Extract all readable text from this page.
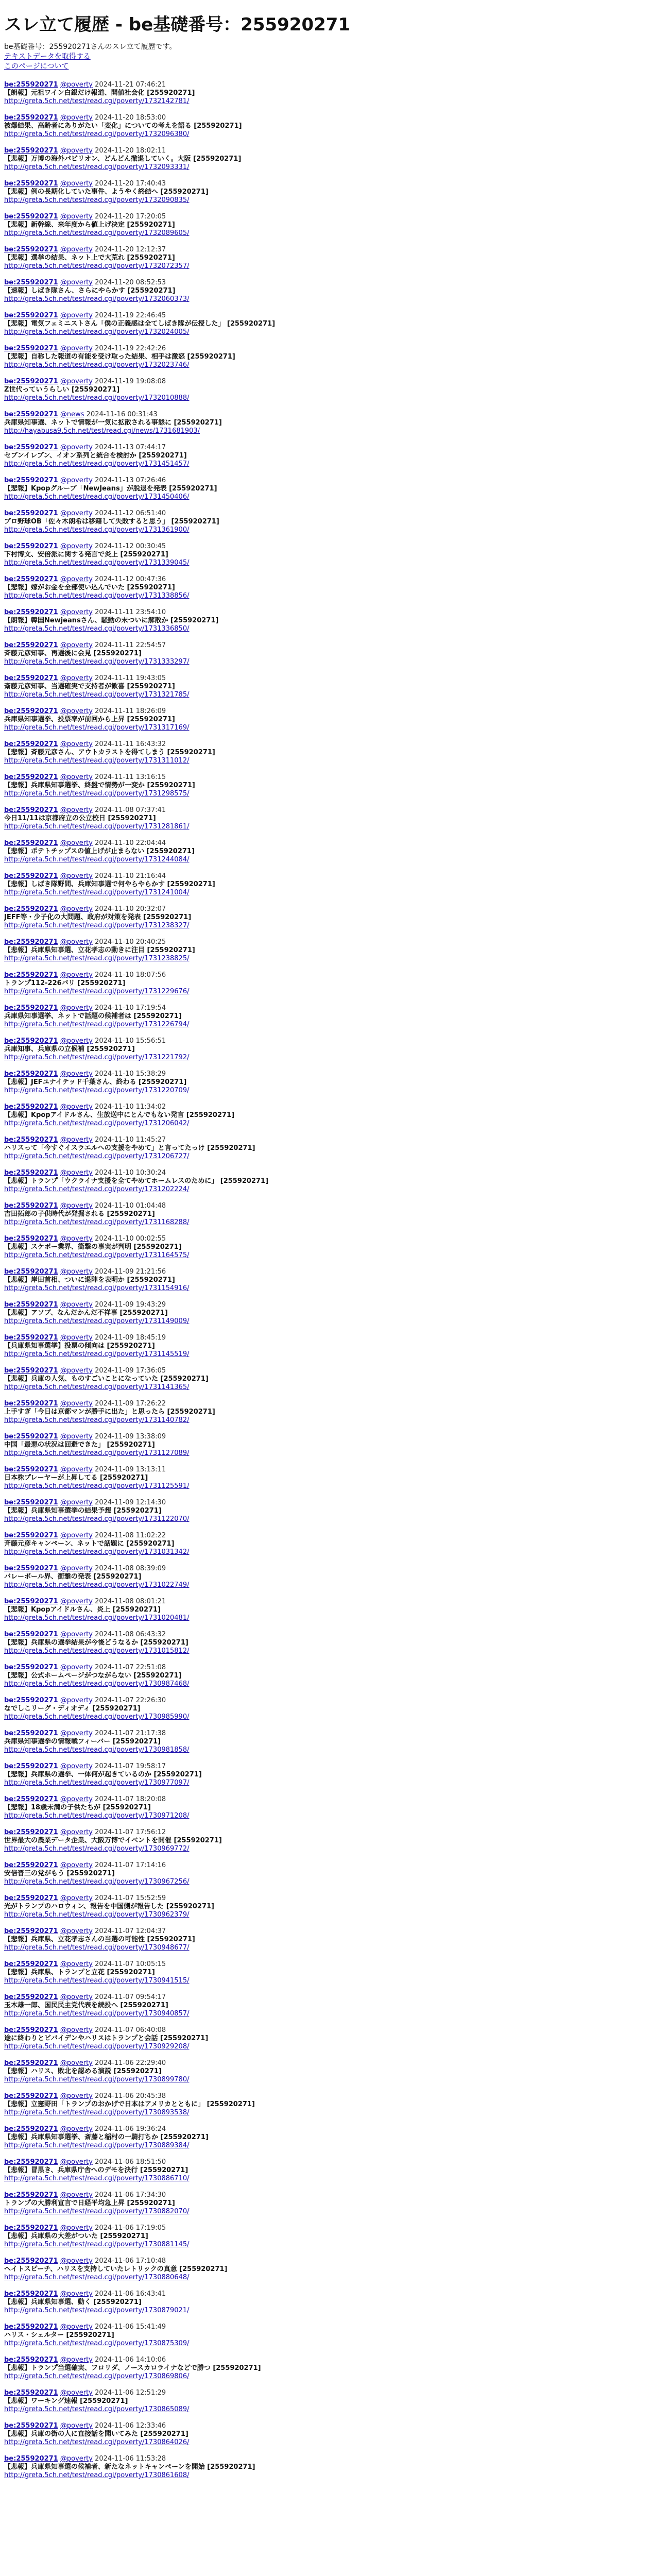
スレ立て履歴 - be基礎番号：255920271
be基礎番号：255920271さんのスレ立て履歴です。
テキストデータを取得する
このページについて
be:255920271 @poverty 2024-11-21 07:46:21
【朗報】元祖ワイン白銀だけ報道、開値社会化 [255920271]
http://greta.5ch.net/test/read.cgi/poverty/1732142781/
be:255920271 @poverty 2024-11-20 18:53:00
被爆結果、高齢者にありがたい「変化」についての考えを語る [255920271]
http://greta.5ch.net/test/read.cgi/poverty/1732096380/
be:255920271 @poverty 2024-11-20 18:02:11
【悲報】万博の海外パビリオン、どんどん撤退していく。大阪 [255920271]
http://greta.5ch.net/test/read.cgi/poverty/1732093331/
be:255920271 @poverty 2024-11-20 17:40:43
【悲報】例の長期化していた事件、ようやく終結へ [255920271]
http://greta.5ch.net/test/read.cgi/poverty/1732090835/
be:255920271 @poverty 2024-11-20 17:20:05
【悲報】新幹線、来年度から値上げ決定 [255920271]
http://greta.5ch.net/test/read.cgi/poverty/1732089605/
be:255920271 @poverty 2024-11-20 12:12:37
【悲報】選挙の結果、ネット上で大荒れ [255920271]
http://greta.5ch.net/test/read.cgi/poverty/1732072357/
be:255920271 @poverty 2024-11-20 08:52:53
【速報】しばき隊さん、さらにやらかす [255920271]
http://greta.5ch.net/test/read.cgi/poverty/1732060373/
be:255920271 @poverty 2024-11-19 22:46:45
【悲報】電気フェミニストさん「僕の正義感は全てしばき隊が伝授した」 [255920271]
http://greta.5ch.net/test/read.cgi/poverty/1732024005/
be:255920271 @poverty 2024-11-19 22:42:26
【悲報】自称した報道の有能を受け取った結果、相手は激怒 [255920271]
http://greta.5ch.net/test/read.cgi/poverty/1732023746/
be:255920271 @poverty 2024-11-19 19:08:08
Z世代っていうらしい [255920271]
http://greta.5ch.net/test/read.cgi/poverty/1732010888/
be:255920271 @news 2024-11-16 00:31:43
兵庫県知事選、ネットで情報が一気に拡散される事態に [255920271]
http://hayabusa9.5ch.net/test/read.cgi/news/1731681903/
be:255920271 @poverty 2024-11-13 07:44:17
セブンイレブン、イオン系列と統合を検討か [255920271]
http://greta.5ch.net/test/read.cgi/poverty/1731451457/
be:255920271 @poverty 2024-11-13 07:26:46
【悲報】Kpopグループ「NewJeans」が脱退を発表 [255920271]
http://greta.5ch.net/test/read.cgi/poverty/1731450406/
be:255920271 @poverty 2024-11-12 06:51:40
プロ野球OB「佐々木朗希は移籍して失敗すると思う」 [255920271]
http://greta.5ch.net/test/read.cgi/poverty/1731361900/
be:255920271 @poverty 2024-11-12 00:30:45
下村博文、安倍派に関する発言で炎上 [255920271]
http://greta.5ch.net/test/read.cgi/poverty/1731339045/
be:255920271 @poverty 2024-11-12 00:47:36
【悲報】嫁がお金を全部使い込んでいた [255920271]
http://greta.5ch.net/test/read.cgi/poverty/1731338856/
be:255920271 @poverty 2024-11-11 23:54:10
【朗報】韓国Newjeansさん、騒動の末ついに解散か [255920271]
http://greta.5ch.net/test/read.cgi/poverty/1731336850/
be:255920271 @poverty 2024-11-11 22:54:57
斉藤元彦知事、再選後に会見 [255920271]
http://greta.5ch.net/test/read.cgi/poverty/1731333297/
be:255920271 @poverty 2024-11-11 19:43:05
斎藤元彦知事、当選確実で支持者が歓喜 [255920271]
http://greta.5ch.net/test/read.cgi/poverty/1731321785/
be:255920271 @poverty 2024-11-11 18:26:09
兵庫県知事選挙、投票率が前回から上昇 [255920271]
http://greta.5ch.net/test/read.cgi/poverty/1731317169/
be:255920271 @poverty 2024-11-11 16:43:32
【悲報】斉藤元彦さん、アウトカラストを得てしまう [255920271]
http://greta.5ch.net/test/read.cgi/poverty/1731311012/
be:255920271 @poverty 2024-11-11 13:16:15
【悲報】兵庫県知事選挙、終盤で情勢が一変か [255920271]
http://greta.5ch.net/test/read.cgi/poverty/1731298575/
be:255920271 @poverty 2024-11-08 07:37:41
今日11/11は京都府立の公立校日 [255920271]
http://greta.5ch.net/test/read.cgi/poverty/1731281861/
be:255920271 @poverty 2024-11-10 22:04:44
【悲報】ポテトチップスの値上げが止まらない [255920271]
http://greta.5ch.net/test/read.cgi/poverty/1731244084/
be:255920271 @poverty 2024-11-10 21:16:44
【悲報】しばき隊野間、兵庫知事選で何やらやらかす [255920271]
http://greta.5ch.net/test/read.cgi/poverty/1731241004/
be:255920271 @poverty 2024-11-10 20:32:07
JEFF等・少子化の大問題、政府が対策を発表 [255920271]
http://greta.5ch.net/test/read.cgi/poverty/1731238327/
be:255920271 @poverty 2024-11-10 20:40:25
【悲報】兵庫県知事選、立花孝志の動きに注目 [255920271]
http://greta.5ch.net/test/read.cgi/poverty/1731238825/
be:255920271 @poverty 2024-11-10 18:07:56
トランプ112-226バリ [255920271]
http://greta.5ch.net/test/read.cgi/poverty/1731229676/
be:255920271 @poverty 2024-11-10 17:19:54
兵庫県知事選挙、ネットで話題の候補者は [255920271]
http://greta.5ch.net/test/read.cgi/poverty/1731226794/
be:255920271 @poverty 2024-11-10 15:56:51
兵庫知事、兵庫県の立候補 [255920271]
http://greta.5ch.net/test/read.cgi/poverty/1731221792/
be:255920271 @poverty 2024-11-10 15:38:29
【悲報】JEFユナイテッド千葉さん、終わる [255920271]
http://greta.5ch.net/test/read.cgi/poverty/1731220709/
be:255920271 @poverty 2024-11-10 11:34:02
【悲報】Kpopアイドルさん、生放送中にとんでもない発言 [255920271]
http://greta.5ch.net/test/read.cgi/poverty/1731206042/
be:255920271 @poverty 2024-11-10 11:45:27
ハリスって「今すぐイスラエルへの支援をやめて」と言ってたっけ [255920271]
http://greta.5ch.net/test/read.cgi/poverty/1731206727/
be:255920271 @poverty 2024-11-10 10:30:24
【悲報】トランプ「ウクライナ支援を全てやめてホームレスのために」 [255920271]
http://greta.5ch.net/test/read.cgi/poverty/1731202224/
be:255920271 @poverty 2024-11-10 01:04:48
吉田拓郎の子供時代が発掘される [255920271]
http://greta.5ch.net/test/read.cgi/poverty/1731168288/
be:255920271 @poverty 2024-11-10 00:02:55
【悲報】スケボー業界、衝撃の事実が判明 [255920271]
http://greta.5ch.net/test/read.cgi/poverty/1731164575/
be:255920271 @poverty 2024-11-09 21:21:56
【悲報】岸田首相、ついに退陣を表明か [255920271]
http://greta.5ch.net/test/read.cgi/poverty/1731154916/
be:255920271 @poverty 2024-11-09 19:43:29
【悲報】アソブ、なんだかんだ不祥事 [255920271]
http://greta.5ch.net/test/read.cgi/poverty/1731149009/
be:255920271 @poverty 2024-11-09 18:45:19
【兵庫県知事選挙】投票の傾向は [255920271]
http://greta.5ch.net/test/read.cgi/poverty/1731145519/
be:255920271 @poverty 2024-11-09 17:36:05
【悲報】兵庫の人気、ものすごいことになっていた [255920271]
http://greta.5ch.net/test/read.cgi/poverty/1731141365/
be:255920271 @poverty 2024-11-09 17:26:22
上手すぎ「今日は京都マンが勝手に出た」と思ったら [255920271]
http://greta.5ch.net/test/read.cgi/poverty/1731140782/
be:255920271 @poverty 2024-11-09 13:38:09
中国「最悪の状況は回避できた」 [255920271]
http://greta.5ch.net/test/read.cgi/poverty/1731127089/
be:255920271 @poverty 2024-11-09 13:13:11
日本株プレーヤーが上昇してる [255920271]
http://greta.5ch.net/test/read.cgi/poverty/1731125591/
be:255920271 @poverty 2024-11-09 12:14:30
【悲報】兵庫県知事選挙の結果予想 [255920271]
http://greta.5ch.net/test/read.cgi/poverty/1731122070/
be:255920271 @poverty 2024-11-08 11:02:22
斉藤元彦キャンペーン、ネットで話題に [255920271]
http://greta.5ch.net/test/read.cgi/poverty/1731031342/
be:255920271 @poverty 2024-11-08 08:39:09
バレーボール界、衝撃の発表 [255920271]
http://greta.5ch.net/test/read.cgi/poverty/1731022749/
be:255920271 @poverty 2024-11-08 08:01:21
【悲報】Kpopアイドルさん、炎上 [255920271]
http://greta.5ch.net/test/read.cgi/poverty/1731020481/
be:255920271 @poverty 2024-11-08 06:43:32
【悲報】兵庫県の選挙結果が今後どうなるか [255920271]
http://greta.5ch.net/test/read.cgi/poverty/1731015812/
be:255920271 @poverty 2024-11-07 22:51:08
【悲報】公式ホームページがつながらない [255920271]
http://greta.5ch.net/test/read.cgi/poverty/1730987468/
be:255920271 @poverty 2024-11-07 22:26:30
なでしこリーグ・ディオディ [255920271]
http://greta.5ch.net/test/read.cgi/poverty/1730985990/
be:255920271 @poverty 2024-11-07 21:17:38
兵庫県知事選挙の情報戦フィーバー [255920271]
http://greta.5ch.net/test/read.cgi/poverty/1730981858/
be:255920271 @poverty 2024-11-07 19:58:17
【悲報】兵庫県の選挙、一体何が起きているのか [255920271]
http://greta.5ch.net/test/read.cgi/poverty/1730977097/
be:255920271 @poverty 2024-11-07 18:20:08
【悲報】18歳未満の子供たちが [255920271]
http://greta.5ch.net/test/read.cgi/poverty/1730971208/
be:255920271 @poverty 2024-11-07 17:56:12
世界最大の農業データ企業、大阪万博でイベントを開催 [255920271]
http://greta.5ch.net/test/read.cgi/poverty/1730969772/
be:255920271 @poverty 2024-11-07 17:14:16
安倍晋三の党がもう [255920271]
http://greta.5ch.net/test/read.cgi/poverty/1730967256/
be:255920271 @poverty 2024-11-07 15:52:59
光がトランプのハロウィン、報告を中国側が報告した [255920271]
http://greta.5ch.net/test/read.cgi/poverty/1730962379/
be:255920271 @poverty 2024-11-07 12:04:37
【悲報】兵庫県、立花孝志さんの当選の可能性 [255920271]
http://greta.5ch.net/test/read.cgi/poverty/1730948677/
be:255920271 @poverty 2024-11-07 10:05:15
【悲報】兵庫県、トランプと立花 [255920271]
http://greta.5ch.net/test/read.cgi/poverty/1730941515/
be:255920271 @poverty 2024-11-07 09:54:17
玉木雄一郎、国民民主党代表を続投へ [255920271]
http://greta.5ch.net/test/read.cgi/poverty/1730940857/
be:255920271 @poverty 2024-11-07 06:40:08
途に終わりとビバイデンやハリスはトランプと会話 [255920271]
http://greta.5ch.net/test/read.cgi/poverty/1730929208/
be:255920271 @poverty 2024-11-06 22:29:40
【悲報】ハリス、敗北を認める演説 [255920271]
http://greta.5ch.net/test/read.cgi/poverty/1730899780/
be:255920271 @poverty 2024-11-06 20:45:38
【悲報】立憲野田「トランプのおかげで日本はアメリカとともに」 [255920271]
http://greta.5ch.net/test/read.cgi/poverty/1730893538/
be:255920271 @poverty 2024-11-06 19:36:24
【悲報】兵庫県知事選挙、斎藤と稲村の一騎打ちか [255920271]
http://greta.5ch.net/test/read.cgi/poverty/1730889384/
be:255920271 @poverty 2024-11-06 18:51:50
【悲報】冒黒き、兵庫県庁舎へのデモを決行 [255920271]
http://greta.5ch.net/test/read.cgi/poverty/1730886710/
be:255920271 @poverty 2024-11-06 17:34:30
トランプの大勝利宣言で日経平均急上昇 [255920271]
http://greta.5ch.net/test/read.cgi/poverty/1730882070/
be:255920271 @poverty 2024-11-06 17:19:05
【悲報】兵庫県の大差がついた [255920271]
http://greta.5ch.net/test/read.cgi/poverty/1730881145/
be:255920271 @poverty 2024-11-06 17:10:48
ヘイトスピーチ、ハリスを支持していたレトリックの真意 [255920271]
http://greta.5ch.net/test/read.cgi/poverty/1730880648/
be:255920271 @poverty 2024-11-06 16:43:41
【悲報】兵庫県知事選、動く [255920271]
http://greta.5ch.net/test/read.cgi/poverty/1730879021/
be:255920271 @poverty 2024-11-06 15:41:49
ハリス・シェルター [255920271]
http://greta.5ch.net/test/read.cgi/poverty/1730875309/
be:255920271 @poverty 2024-11-06 14:10:06
【悲報】トランプ当選確実、フロリダ、ノースカロライナなどで勝つ [255920271]
http://greta.5ch.net/test/read.cgi/poverty/1730869806/
be:255920271 @poverty 2024-11-06 12:51:29
【悲報】ワーキング速報 [255920271]
http://greta.5ch.net/test/read.cgi/poverty/1730865089/
be:255920271 @poverty 2024-11-06 12:33:46
【悲報】兵庫の街の人に直接話を聞いてみた [255920271]
http://greta.5ch.net/test/read.cgi/poverty/1730864026/
be:255920271 @poverty 2024-11-06 11:53:28
【悲報】兵庫県知事選の候補者、新たなネットキャンペーンを開始 [255920271]
http://greta.5ch.net/test/read.cgi/poverty/1730861608/
